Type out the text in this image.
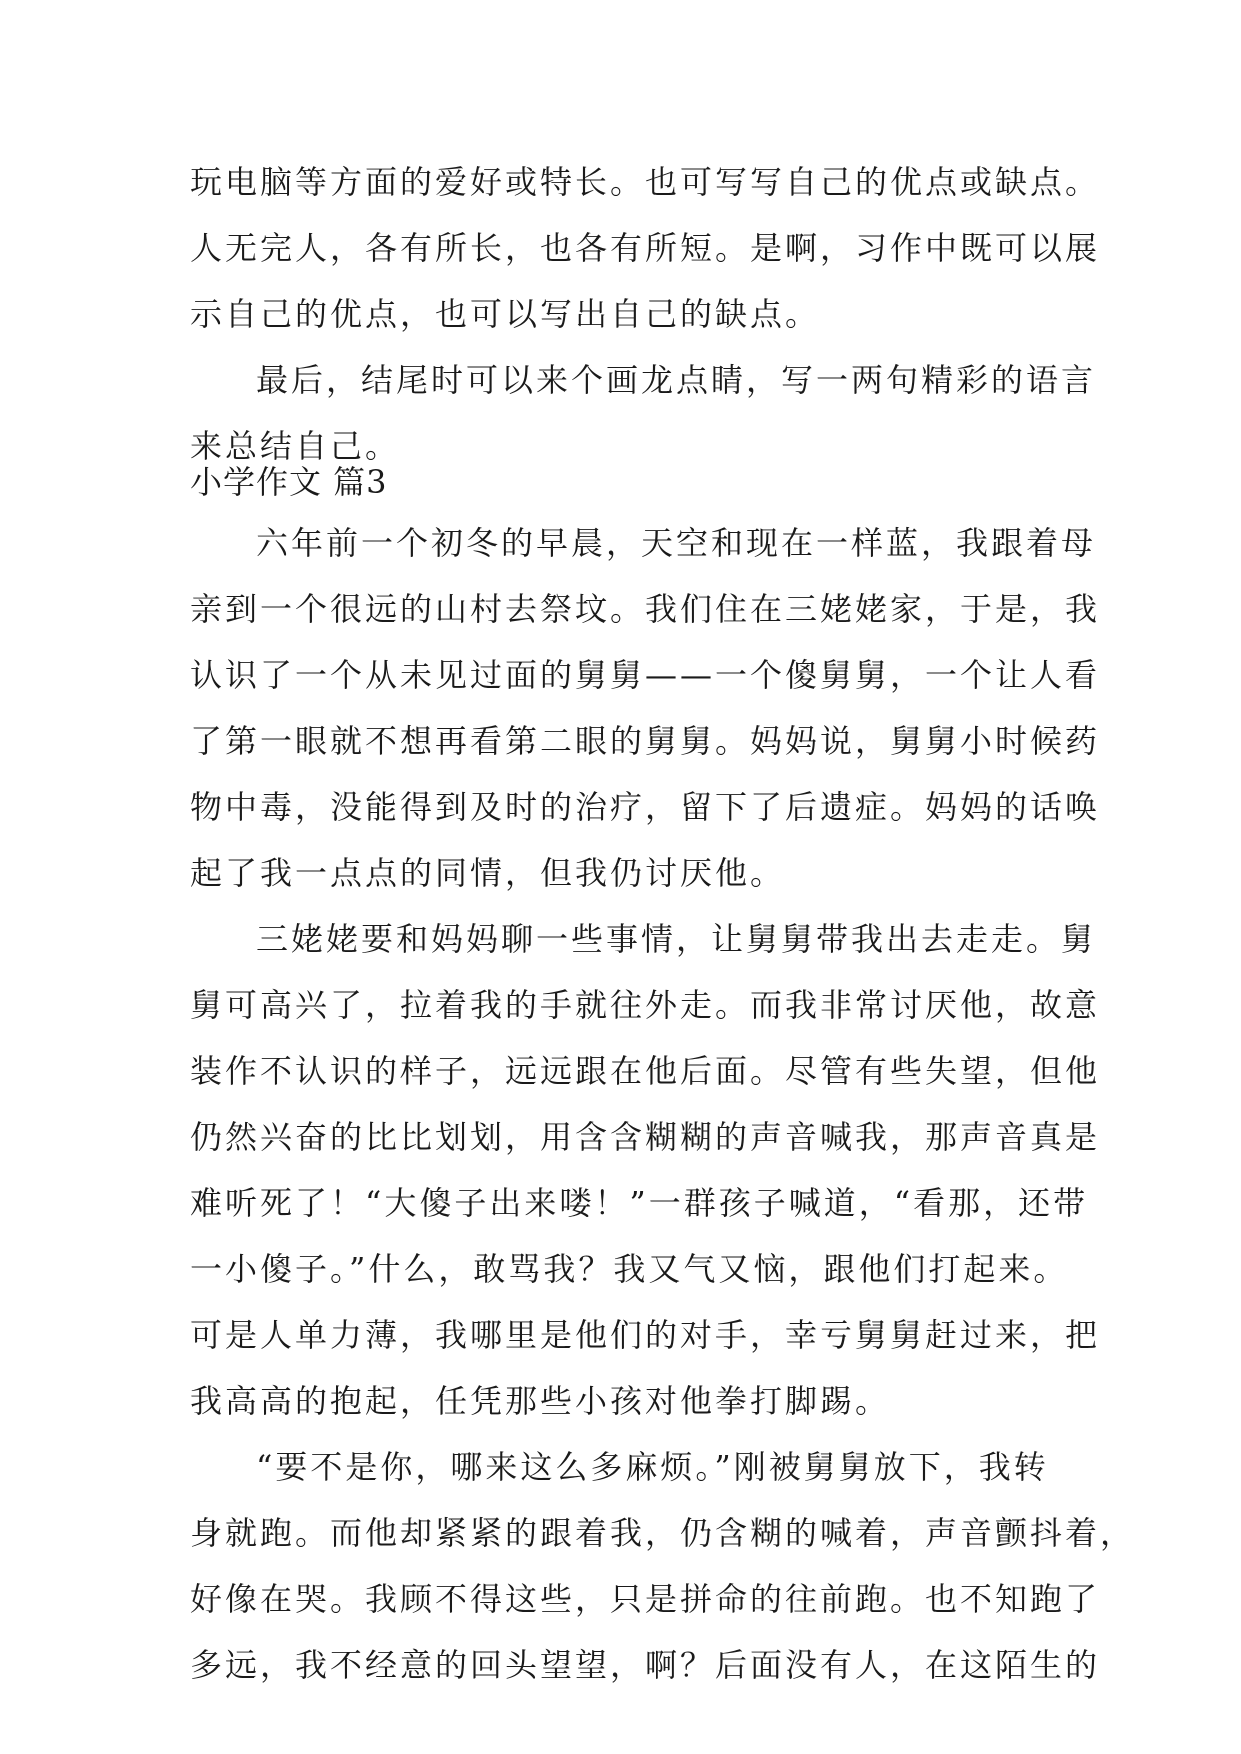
玩电脑等方面的爱好或特长。也可写写自己的优点或缺点。
人无完人，各有所长，也各有所短。是啊，习作中既可以展
示自己的优点，也可以写出自己的缺点。
最后，结尾时可以来个画龙点睛，写一两句精彩的语言
来总结自己。
小学作文 篇3
六年前一个初冬的早晨，天空和现在一样蓝，我跟着母
亲到一个很远的山村去祭坟。我们住在三姥姥家，于是，我
认识了一个从未见过面的舅舅——一个傻舅舅，一个让人看
了第一眼就不想再看第二眼的舅舅。妈妈说，舅舅小时候药
物中毒，没能得到及时的治疗，留下了后遗症。妈妈的话唤
起了我一点点的同情，但我仍讨厌他。
三姥姥要和妈妈聊一些事情，让舅舅带我出去走走。舅
舅可高兴了，拉着我的手就往外走。而我非常讨厌他，故意
装作不认识的样子，远远跟在他后面。尽管有些失望，但他
仍然兴奋的比比划划，用含含糊糊的声音喊我，那声音真是
难听死了！“大傻子出来喽！”一群孩子喊道，“看那，还带
一小傻子。”什么，敢骂我？我又气又恼，跟他们打起来。
可是人单力薄，我哪里是他们的对手，幸亏舅舅赶过来，把
我高高的抱起，任凭那些小孩对他拳打脚踢。
“要不是你，哪来这么多麻烦。”刚被舅舅放下，我转
身就跑。而他却紧紧的跟着我，仍含糊的喊着，声音颤抖着，
好像在哭。我顾不得这些，只是拼命的往前跑。也不知跑了
多远，我不经意的回头望望，啊？后面没有人，在这陌生的
